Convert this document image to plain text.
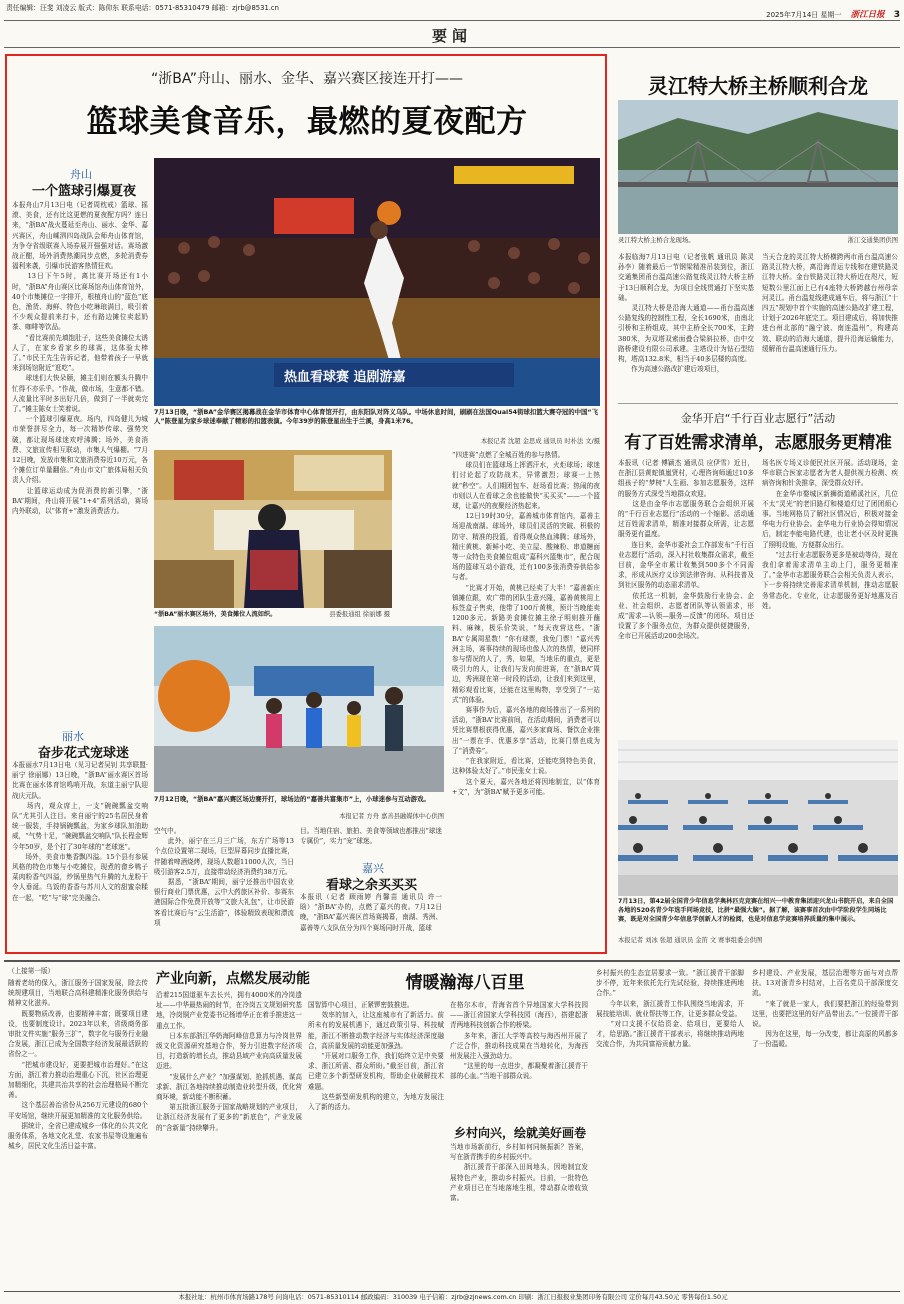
责任编辑：汪斐 刘凌云 版式：陈仰东 联系电话：0571-85310479 邮箱：zjrb@8531.cn
2025年7月14日 星期一 浙江日报 3
要闻
“浙BA”舟山、丽水、金华、嘉兴赛区接连开打——
篮球美食音乐，最燃的夏夜配方
舟山
一个篮球引爆夏夜
本报舟山7月13日电（记者周枕戒）篮球、摇滚、美食，还有比这更燃的夏夜配方吗？连日来，“浙BA”战火蔓延至舟山、丽水、金华、嘉兴赛区，舟山嵊泗四岛战队会师舟山体育馆，为争夺省级联赛入场券展开强强对话。赛场激战正酣，场外消费热潮同步点燃，多轮消费券福利来袭，引爆市民游客热情狂欢。
　　13日下午5时，离比赛开场还有1小时，“浙BA”舟山赛区比赛场馆舟山体育馆外，40个市集摊位一字排开，根植舟山的“蓝色”底色，渔货、海鲜、特色小吃琳琅满目，吸引着不少观众提前来打卡，还有路边摊位卖起奶茶、咖啡等饮品。
　　“看比赛前先填饱肚子，这些美食摊位太诱人了，在家乡看家乡的球赛，这体验太棒了。”市民王先生告诉记者，他带着孩子一早就来到场馆附近“逛吃”。
　　球迷们大快朵颐，摊主们则在额头升腾中忙得不亦乐乎。“作战，做市场，生意都不错。人流量比平时多出好几倍，做到了一半就卖完了。”摊主陈女士笑着说。
　　一个篮球引爆夏夜。场内，四岛健儿为城市荣誉拼尽全力，每一次精妙传球、强势突破，都让现场球迷欢呼沸腾；场外，美食消费、文旅宣传相互联动，市集人气爆棚。“7月12日晚，发放市集和文旅消费券近10万元，各个摊位订单量翻倍。”舟山市文广旅体局相关负责人介绍。
　　让篮球运动成为促消费的新引擎，“浙BA”期间，舟山将开展“1+4”系列活动，赛场内外联动，以“体育+”激发消费活力。
热血看球赛 追剧游嘉
7月13日晚，“浙BA”金华赛区揭幕战在金华市体育中心体育馆开打，由东阳队对阵义乌队。中场休息时间，刷刷在法国Quai54街球扣篮大赛夺冠的中国“飞人”陈登星为家乡球迷奉献了精彩的扣篮表演。今年39岁的陈登星出生于兰溪，身高1米76。
本报记者 沈超 金思成 通讯员 时朴法 文/摄
“浙BA”丽水赛区场外，美食摊位人流如织。	县委报通组 徐丽娜 摄
7月12日晚，“浙BA”嘉兴赛区场边赛开打，球场边的“嘉善共富集市”上，小球迷参与互动游戏。
本报记者 方舟 嘉善县融媒体中心供图
丽水
奋步花式宠球迷
本报丽水7月13日电（见习记者吴钊 共享联盟·丽宁 徐丽娜）13日晚，“浙BA”丽水赛区首场比赛在丽水体育馆鸣哨开战，东道主丽宁队迎战庆元队。
　　场内，观众席上，一支“碗碗瓢盆交响队”尤其引人注目。来自丽宁的25名居民身着统一服装，手持锅碗瓢盆，为家乡球队加油助威，“气势十足，“碗碗瓢盆交响队”队长程金辉今年50岁，是个打了30年球的“老球迷”。
　　场外，美食市集香飘四溢。15个县有参展风格的特色市集与小吃摊位，现煮的畲乡鸭子菜肉粉香气四溢，炒锅里热气升腾的九龙粉干令人垂涎。乌饭的香香与苏川人文的甜蜜杂糅在一起，“吃”与“球”完美融合。
空气中。
　　此外，丽宁在三月三广场，东方广场等13个点位设置第二现场，巨型屏幕同步直播比赛，伴随着啤酒烧烤，现场人数超11000人次，当日吸引游客2.5万，直接带动经济消费约38万元。
　　据悉，“浙BA”期间，丽宁还推出中国农业银行商业门票优惠，云中大药旅区补价、参赛东港国际合作免费开放等“文旅大礼包”，让市民游客看比赛后与“云生活游”，体验精致表现和漂流项
目。当地住宿、旅拍、美食等领域也都推出“球迷专属价”，实力“宠”球迷。
嘉兴
看球之余买买买
本报讯（记者 顾雨婷 肖馨苗 通讯员 许一晗）“浙BA”办的，点燃了嘉兴的夜。7月12日晚，“浙BA”嘉兴赛区首场赛揭幕，南湖、秀洲、嘉善等八支队伍分为四个赛场同时开战，篮球
“四进赛”点燃了全城百姓的参与热情。
　　球员们在篮球场上挥洒汗水，火炬球场；球迷们讨论起了攻防战术，异常激烈；球赛一上热就“秒空”。人们期团包车、赶场看比赛；热闹的夜市则以人在看球之余也能做快“买买买”——一个篮球，让嘉兴的夜聚经济热起来。
　　12日19时30分，嘉善城市体育馆内，嘉善主场迎战南湖。球场外，球员们灵活的突破、积极的防守、精准的投篮，看得观众热血沸腾；球场外，精庄黄桃、新鲜小吃、美立屋、酸辣粉、串道糖面等一众特色美食摊位组成“嘉科兴篮集市”，配合现场的篮球互动小游戏，迁有100多张消费券供给参与者。
　　“比赛才开始，黄桃已经卖了大半！”嘉善新庄镇摊位跟，欢广带的团队生意兴隆，嘉善黄桃用上标签盒子售卖，他带了100斤黄桃，预计当晚能卖1200多元。新路美食摊位摊主徐子明则推开蘸料、麻辣，极乐价笑说，“每天夜营这些。“浙BA”专属周星数！”你有球票，我免门票！”嘉兴秀洲主场，赛事持续的现场也像人次的热情，使同样参与情况的人了，秀，如果，当地乐的重点，更是吸引力的人，让我们与发向前进赛，在“浙BA”周边，秀洲现在第一时段的活动，让我们来到这里，精彩观看比赛，还能在这里购物，享受到了“一站式”的体验。
　　赛事作为后，嘉兴各地的商场推出了一系列的活动，“浙BA”比赛前间，在活动期间，消费者可以凭比赛票根获得优惠，嘉兴多家商场、餐饮企业推出“一票在手、优惠多享”活动，比赛门票也成为了“消费券”。
　　“在我家附近，看比赛，还能吃到特色美食，这种体验太好了。”市民张女士说。
　　这个夏天，嘉兴各地还将因地制宜，以“体育+文”，为“浙BA”赋予更多可能。
灵江特大桥主桥顺利合龙
灵江特大桥主桥合龙现场。	浙江交通集团供图
本报临海7月13日电（记者张帆 通讯员 陈灵 孙李）随着最后一节钢梁精准吊装到位，浙江交通集团甬台温高速公路复线灵江特大桥主桥于13日顺利合龙，为项目全线贯通打下坚实基础。
　　灵江特大桥是沿海大通道——甬台温高速公路复线的控制性工程，全长1690米，由南北引桥和主桥组成，其中主桥全长700米，主跨380米，为双塔双索面叠合梁斜拉桥，由中交路桥建设有限公司承建。主塔设计为钻石型结构，塔高132.8米，相当于40多层楼的高度。
　　作为高速公路改扩建后竣项目，
当天合龙的灵江特大桥横跨两市甬台温高速公路灵江特大桥，离沿海青运专线和在建铁路灵江特大桥。金台铁路灵江特大桥近在咫尺，短短数公里江面上已有4座特大桥跨越台州母亲河灵江。甬台温复线建成通车后，将与浙江“十四五”规划中首个实施的高速公路改扩建工程，计划于2026年底完工。项目建成后，将加快推进台州北部的“融宁波、南连温州”，构建高效、联动的沿海大通道，提升沿海运输能力，缓解甬台温高速通行压力。
金华开启“千行百业志愿行”活动
有了百姓需求清单，志愿服务更精准
本报讯（记者 傅颖杰 通讯员 应伊雪）近日，在浙江县黄蛇镇嵐贤村，心理咨询师通过10多组孩子的“梦树”人生画、参加志愿服务，这样的服务方式深受当地群众欢迎。
　　这是由金华市志愿服务联合会组织开展的“千行百业志愿行”活动的一个缩影。活动通过百姓需求清单，精准对接群众所需，让志愿服务更有温度。
　　连日来，金华市委社会工作部发布“千行百业志愿行”活动，深入村社收集群众需求，截至目前，金华全市累计收集到500多个不同需求，形成从医疗义诊到法律咨询、从科技普及到社区服务的动态需求清单。
　　依托这一机制，金华鼓励行业协会、企业、社会组织、志愿者团队等认领需求，形成“需求—认领—服务—反馈”的闭环。项目还设置了多个服务点位，为群众提供便捷服务，全市已开展活动200余场次。
场名医专场义诊便民社区开展。活动现场，金华市联合医家志愿者为老人提供视力检测、疾病咨询和针灸推拿，深受群众好评。
　　在金华市婺城区新狮街道稀溪社区，几位不太“灵光”的老旧路灯和楼道灯过了团团烦心事。当地网格员了解社区情况后，积极对接金华电力行业协会。金华电力行业协会得知情况后，制定李能电路代建，也让老小区及时更换了照明设施，方便群众出行。
　　“过去行业志愿服务更多是被动等待，现在我们拿着需求清单主动上门，服务更精准了。”金华市志愿服务联合会相关负责人表示，下一步将持续完善需求清单机制，推动志愿服务常态化、专业化，让志愿服务更好地惠及百姓。
7月13日，第42届全国青少年信息学奥林匹克竞赛在绍兴一中教育集团迎兴龙山书院开启，来自全国各地的520名青少年选手同场竞技，比拼“最强大脑”。据了解，该赛事首次由中学阶段学生同场比赛，既是对全国青少年信息学创新人才的检阅，也是对信息学竞赛培养质量的集中展示。
本报记者 刘冰 张超 通讯员 金笛 文 赛事组委会供图
（上接第一版）
随着老幼的保入，浙江服务于国家发展，除去传统规建项目，当地联合高科建精准化服务供给与精神文化滋养。
　　既要物质改善，也要精神丰富；既要项目建设，也要制度设计。2023年以来，省级商务部审批文件实施“服务三扩”，数字化与服务行业融合发展，浙江已成为全国数字经济发展最活跃的省份之一。
　　“把城市建设好，更要把城市治理好。”在这方面，浙江着力推动治理重心下沉，社区治理更加精细化，共建共治共享的社会治理格局不断完善。
　　这个基层善治省份从256万元建设的680个平安场馆，继续开展更加精准的文化服务供给。
　　据统计，全省已建成城乡一体化的公共文化服务体系，各地文化礼堂、农家书屋等设施遍布城乡，居民文化生活日益丰富。
产业向新，点燃发展动能
沿着215国道驱车去长兴，拥有4000米的冷岗遗址——中华最热闹的时节，在冷岗五文规划研究基地，冷岗铜产业党委书记杨增华正在着手推进这一重点工作。
　　日本东部浙江华奶海阿峰信息算力与冷岗世界级文化资源研究基地合作，努力引进数字经济项目，打造新的增长点，推动县域产业向高质量发展迈进。
　　“发展什么产业？”加强谋划、抢抓机遇、谋高求新、浙江各地持续推动制造业转型升级，优化营商环境，新动能不断积蓄。
　　第五批浙江服务于国家战略规划的产业项目，让浙江经济发展有了更多的“新底色”，产业发展的“含新量”持续攀升。
国智算中心项目，正紧锣密鼓推进。
　　效率的加入，让这座城市有了新活力。前所未有的发展机遇下，通过政策引导、科技赋能，浙江不断推动数字经济与实体经济深度融合，高质量发展的动能更加强劲。
　　“开展对口服务工作，我们始终立足中央要求、浙江所需、群众所盼。”截至目前，浙江省已建立多个新型研发机构，帮助企业破解技术难题。
　　这些新型研发机构的建立，为地方发展注入了新的活力。
情暖瀚海八百里
在格尔木市，青海省首个异地国家大学科技园——浙江省国家大学科技园（海西），搭建起浙青两地科技创新合作的桥梁。
　　多年来，浙江大学等高校与海西州开展了广泛合作，推动科技成果在当地转化，为海西州发展注入强劲动力。
　　“这里的每一点进步，都凝聚着浙江援青干部的心血。”当地干部群众说。
乡村向兴，绘就美好画卷
当地市场新前行，乡村如何同频振新？答案，写在浙青携手的乡村振兴中。
　　浙江援青干部深入田间地头，因地制宜发展特色产业，推动乡村振兴。目前，一批特色产业项目已在当地落地生根，带动群众增收致富。
乡村振兴的生态宜居要求一致。“浙江援青干部脚步不停，近年来依托先行先试经验，持续推进两地合作。”
　　今年以来，浙江援青工作队围绕当地需求，开展技能培训、就业帮扶等工作，让更多群众受益。
　　“对口支援不仅给资金、给项目，更要给人才，给思路。”浙江援青干部表示，将继续推动两地交流合作，为共同富裕贡献力量。
乡村建设、产业发展，基层治理等方面与对点帮扶。13对浙青乡村结对，上百名党员干部深度交流。
　　“来了就是一家人，我们要把浙江的经验带到这里，也要把这里的好产品带出去。”一位援青干部说。
　　因为在这里，每一分改变，都让高原的风都多了一份温暖。
本报社址：杭州市体育场路178号 问询电话：0571-85310114 邮政编码：310039 电子信箱：zjrb@zjnews.com.cn 印刷：浙江日报报业集团印务有限公司 定价每月43.50元 零售每份1.50元
